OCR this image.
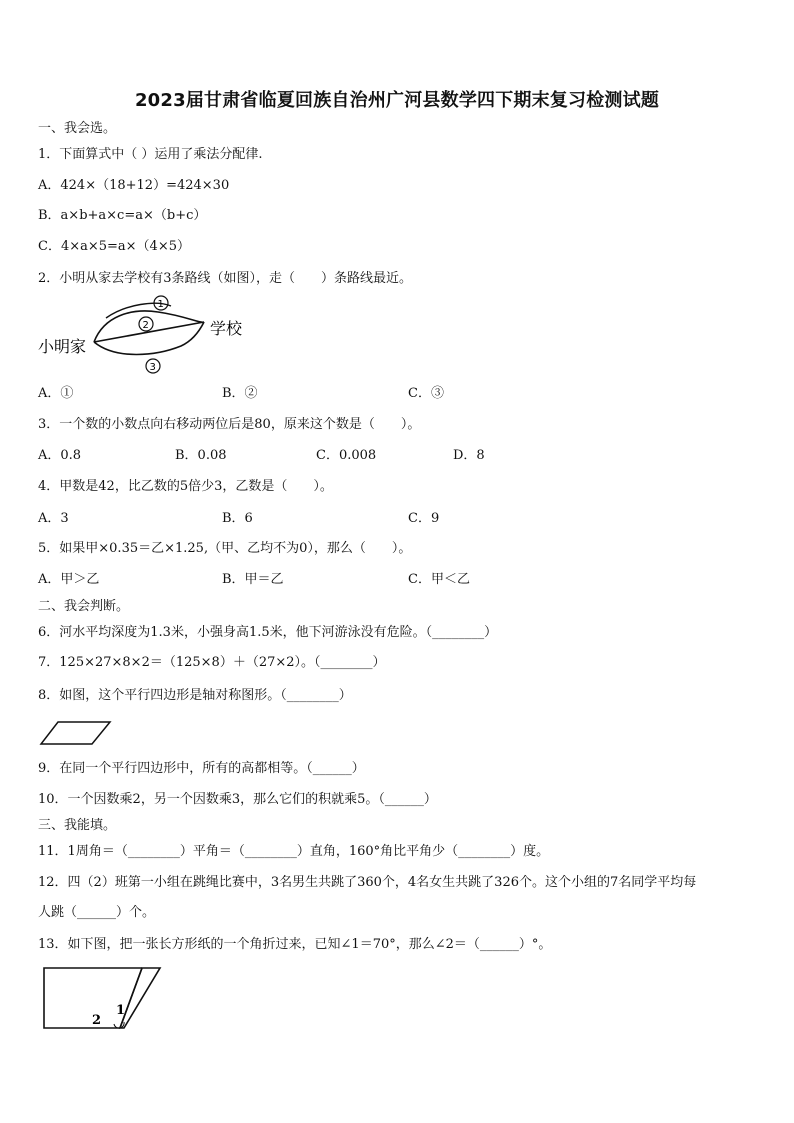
2023届甘肃省临夏回族自治州广河县数学四下期末复习检测试题
一、我会选。
1．下面算式中（ ）运用了乘法分配律.
A．424×（18+12）=424×30
B．a×b+a×c=a×（b+c）
C．4×a×5=a×（4×5）
2．小明从家去学校有3条路线（如图），走（　　）条路线最近。
1
2
3
小明家
学校
A．①	B．②	C．③
3．一个数的小数点向右移动两位后是80，原来这个数是（　　）。
A．0.8	B．0.08	C．0.008	D．8
4．甲数是42，比乙数的5倍少3，乙数是（　　）。
A．3	B．6	C．9
5．如果甲×0.35＝乙×1.25,（甲、乙均不为0），那么（　　）。
A．甲＞乙	B．甲＝乙	C．甲＜乙
二、我会判断。
6．河水平均深度为1.3米，小强身高1.5米，他下河游泳没有危险。（________）
7．125×27×8×2＝（125×8）＋（27×2）。（________）
8．如图，这个平行四边形是轴对称图形。（________）
9．在同一个平行四边形中，所有的高都相等。（______）
10．一个因数乘2，另一个因数乘3，那么它们的积就乘5。（______）
三、我能填。
11．1周角＝（________）平角＝（________）直角，160°角比平角少（________）度。
12．四（2）班第一小组在跳绳比赛中，3名男生共跳了360个，4名女生共跳了326个。这个小组的7名同学平均每
人跳（______）个。
13．如下图，把一张长方形纸的一个角折过来，已知∠1＝70°，那么∠2＝（______）°。
1
2
